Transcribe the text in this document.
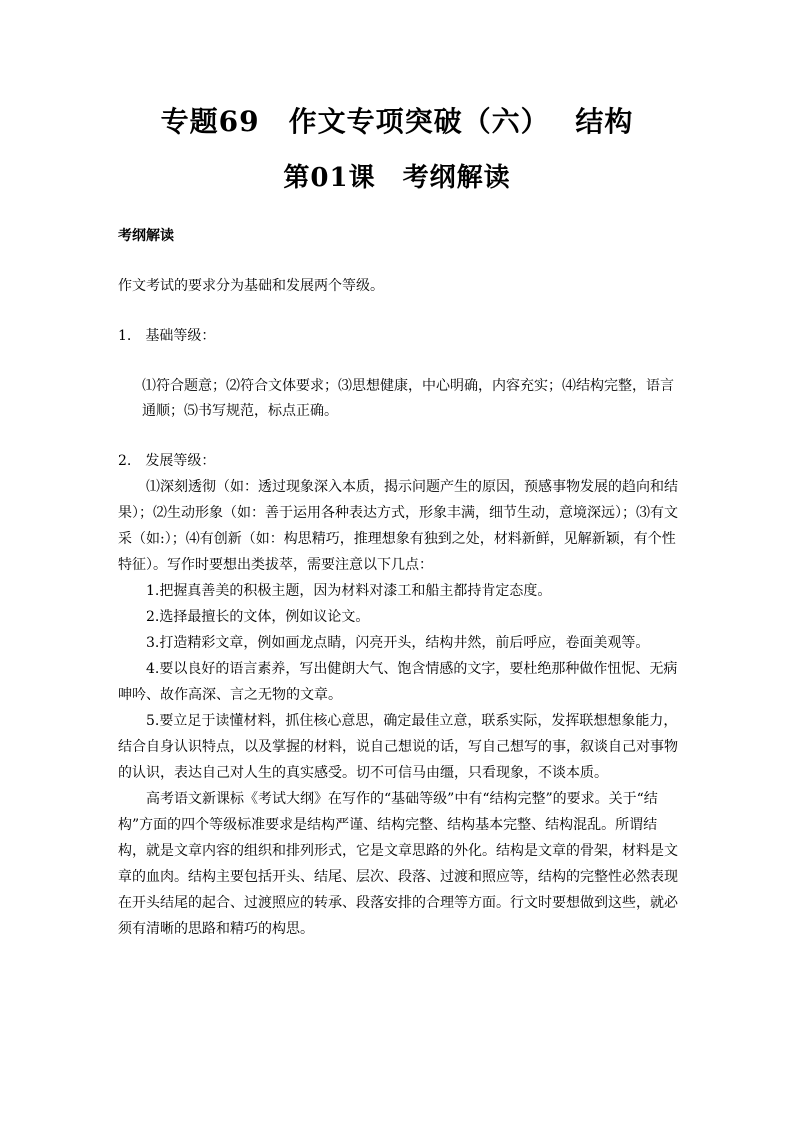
专题69　作文专项突破（六）　 结构
第01课　考纲解读

考纲解读

作文考试的要求分为基础和发展两个等级。

1.　基础等级：

⑴符合题意；⑵符合文体要求；⑶思想健康，中心明确，内容充实；⑷结构完整，语言通顺；⑸书写规范，标点正确。

2.　发展等级：

⑴深刻透彻（如：透过现象深入本质，揭示问题产生的原因，预感事物发展的趋向和结果）；⑵生动形象（如：善于运用各种表达方式，形象丰满，细节生动，意境深远）；⑶有文采（如:）；⑷有创新（如：构思精巧，推理想象有独到之处，材料新鲜，见解新颖，有个性特征）。写作时要想出类拔萃，需要注意以下几点：

1.把握真善美的积极主题，因为材料对漆工和船主都持肯定态度。

2.选择最擅长的文体，例如议论文。

3.打造精彩文章，例如画龙点睛，闪亮开头，结构井然，前后呼应，卷面美观等。

4.要以良好的语言素养，写出健朗大气、饱含情感的文字，要杜绝那种做作忸怩、无病呻吟、故作高深、言之无物的文章。

5.要立足于读懂材料，抓住核心意思，确定最佳立意，联系实际，发挥联想想象能力，结合自身认识特点，以及掌握的材料，说自己想说的话，写自己想写的事，叙谈自己对事物的认识，表达自己对人生的真实感受。切不可信马由缰，只看现象，不谈本质。

高考语文新课标《考试大纲》在写作的“基础等级”中有“结构完整”的要求。关于“结构”方面的四个等级标准要求是结构严谨、结构完整、结构基本完整、结构混乱。所谓结构，就是文章内容的组织和排列形式，它是文章思路的外化。结构是文章的骨架，材料是文章的血肉。结构主要包括开头、结尾、层次、段落、过渡和照应等，结构的完整性必然表现在开头结尾的起合、过渡照应的转承、段落安排的合理等方面。行文时要想做到这些，就必须有清晰的思路和精巧的构思。
